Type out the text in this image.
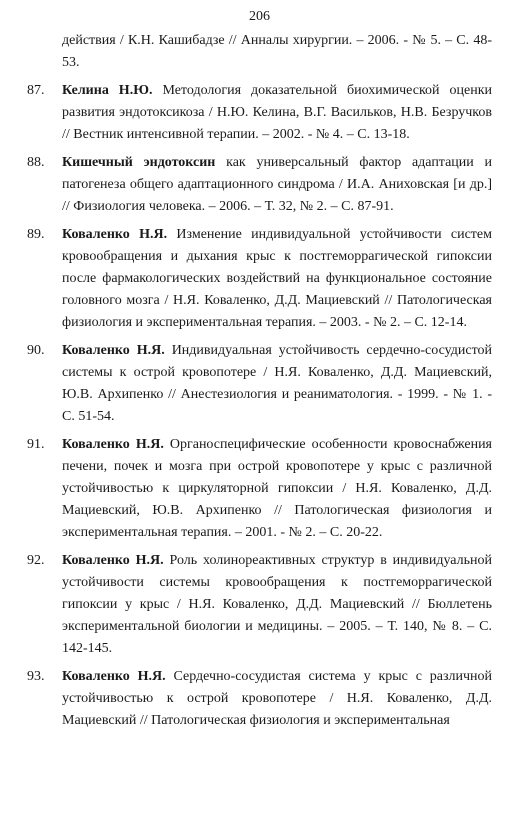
206
действия / К.Н. Кашибадзе // Анналы хирургии. – 2006. - № 5. – С. 48-53.
87. Келина Н.Ю. Методология доказательной биохимической оценки развития эндотоксикоза / Н.Ю. Келина, В.Г. Васильков, Н.В. Безручков // Вестник интенсивной терапии. – 2002. - № 4. – С. 13-18.
88. Кишечный эндотоксин как универсальный фактор адаптации и патогенеза общего адаптационного синдрома / И.А. Аниховская [и др.] // Физиология человека. – 2006. – Т. 32, № 2. – С. 87-91.
89. Коваленко Н.Я. Изменение индивидуальной устойчивости систем кровообращения и дыхания крыс к постгеморрагической гипоксии после фармакологических воздействий на функциональное состояние головного мозга / Н.Я. Коваленко, Д.Д. Мациевский // Патологическая физиология и экспериментальная терапия. – 2003. - № 2. – С. 12-14.
90. Коваленко Н.Я. Индивидуальная устойчивость сердечно-сосудистой системы к острой кровопотере / Н.Я. Коваленко, Д.Д. Мациевский, Ю.В. Архипенко // Анестезиология и реаниматология. - 1999. - № 1. - С. 51-54.
91. Коваленко Н.Я. Органоспецифические особенности кровоснабжения печени, почек и мозга при острой кровопотере у крыс с различной устойчивостью к циркуляторной гипоксии / Н.Я. Коваленко, Д.Д. Мациевский, Ю.В. Архипенко // Патологическая физиология и экспериментальная терапия. – 2001. - № 2. – С. 20-22.
92. Коваленко Н.Я. Роль холинореактивных структур в индивидуальной устойчивости системы кровообращения к постгеморрагической гипоксии у крыс / Н.Я. Коваленко, Д.Д. Мациевский // Бюллетень экспериментальной биологии и медицины. – 2005. – Т. 140, № 8. – С. 142-145.
93. Коваленко Н.Я. Сердечно-сосудистая система у крыс с различной устойчивостью к острой кровопотере / Н.Я. Коваленко, Д.Д. Мациевский // Патологическая физиология и экспериментальная
